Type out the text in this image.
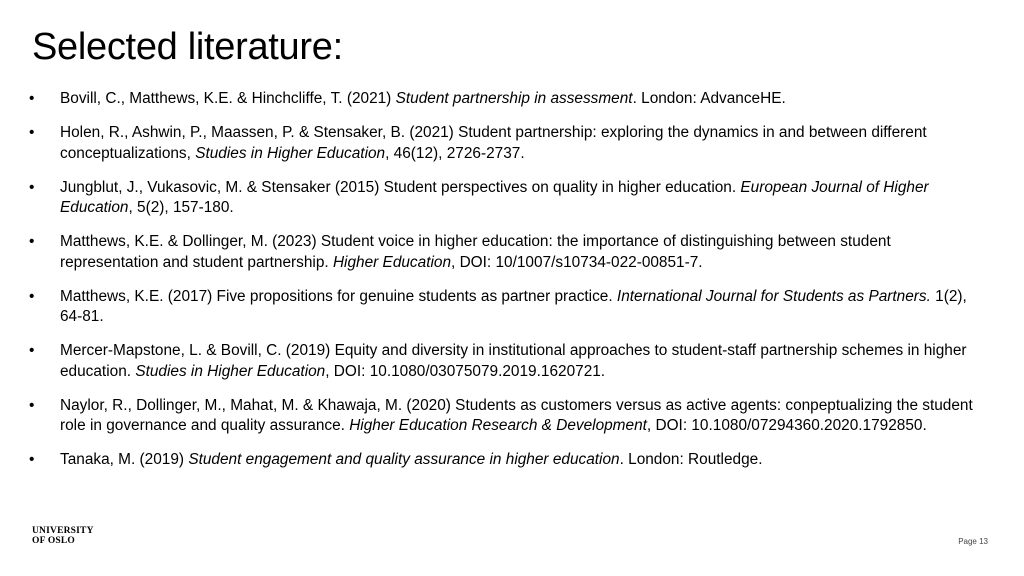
Selected literature:
• Bovill, C., Matthews, K.E. & Hinchcliffe, T. (2021) Student partnership in assessment. London: AdvanceHE.
• Holen, R., Ashwin, P., Maassen, P. & Stensaker, B. (2021) Student partnership: exploring the dynamics in and between different conceptualizations, Studies in Higher Education, 46(12), 2726-2737.
• Jungblut, J., Vukasovic, M. & Stensaker (2015) Student perspectives on quality in higher education. European Journal of Higher Education, 5(2), 157-180.
• Matthews, K.E. & Dollinger, M. (2023) Student voice in higher education: the importance of distinguishing between student representation and student partnership. Higher Education, DOI: 10/1007/s10734-022-00851-7.
• Matthews, K.E. (2017) Five propositions for genuine students as partner practice. International Journal for Students as Partners. 1(2), 64-81.
• Mercer-Mapstone, L. & Bovill, C. (2019) Equity and diversity in institutional approaches to student-staff partnership schemes in higher education. Studies in Higher Education, DOI: 10.1080/03075079.2019.1620721.
• Naylor, R., Dollinger, M., Mahat, M. & Khawaja, M. (2020) Students as customers versus as active agents: conpeptualizing the student role in governance and quality assurance. Higher Education Research & Development, DOI: 10.1080/07294360.2020.1792850.
• Tanaka, M. (2019) Student engagement and quality assurance in higher education. London: Routledge.
UNIVERSITY
OF OSLO	Page 13
